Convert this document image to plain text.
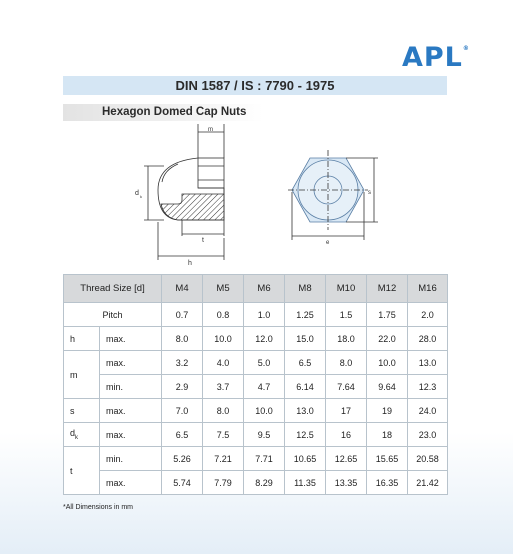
APL®
DIN 1587 / IS : 7790 - 1975
Hexagon Domed Cap Nuts
m
d k
t
h
s
e
Thread Size [d]		M4	M5	M6	M8	M10	M12	M16
Pitch		0.7	0.8	1.0	1.25	1.5	1.75	2.0
h	max.	8.0	10.0	12.0	15.0	18.0	22.0	28.0
m	max.	3.2	4.0	5.0	6.5	8.0	10.0	13.0
	min.	2.9	3.7	4.7	6.14	7.64	9.64	12.3
s	max.	7.0	8.0	10.0	13.0	17	19	24.0
$d_k$	max.	6.5	7.5	9.5	12.5	16	18	23.0
t	min.	5.26	7.21	7.71	10.65	12.65	15.65	20.58
	max.	5.74	7.79	8.29	11.35	13.35	16.35	21.42
*All Dimensions in mm
